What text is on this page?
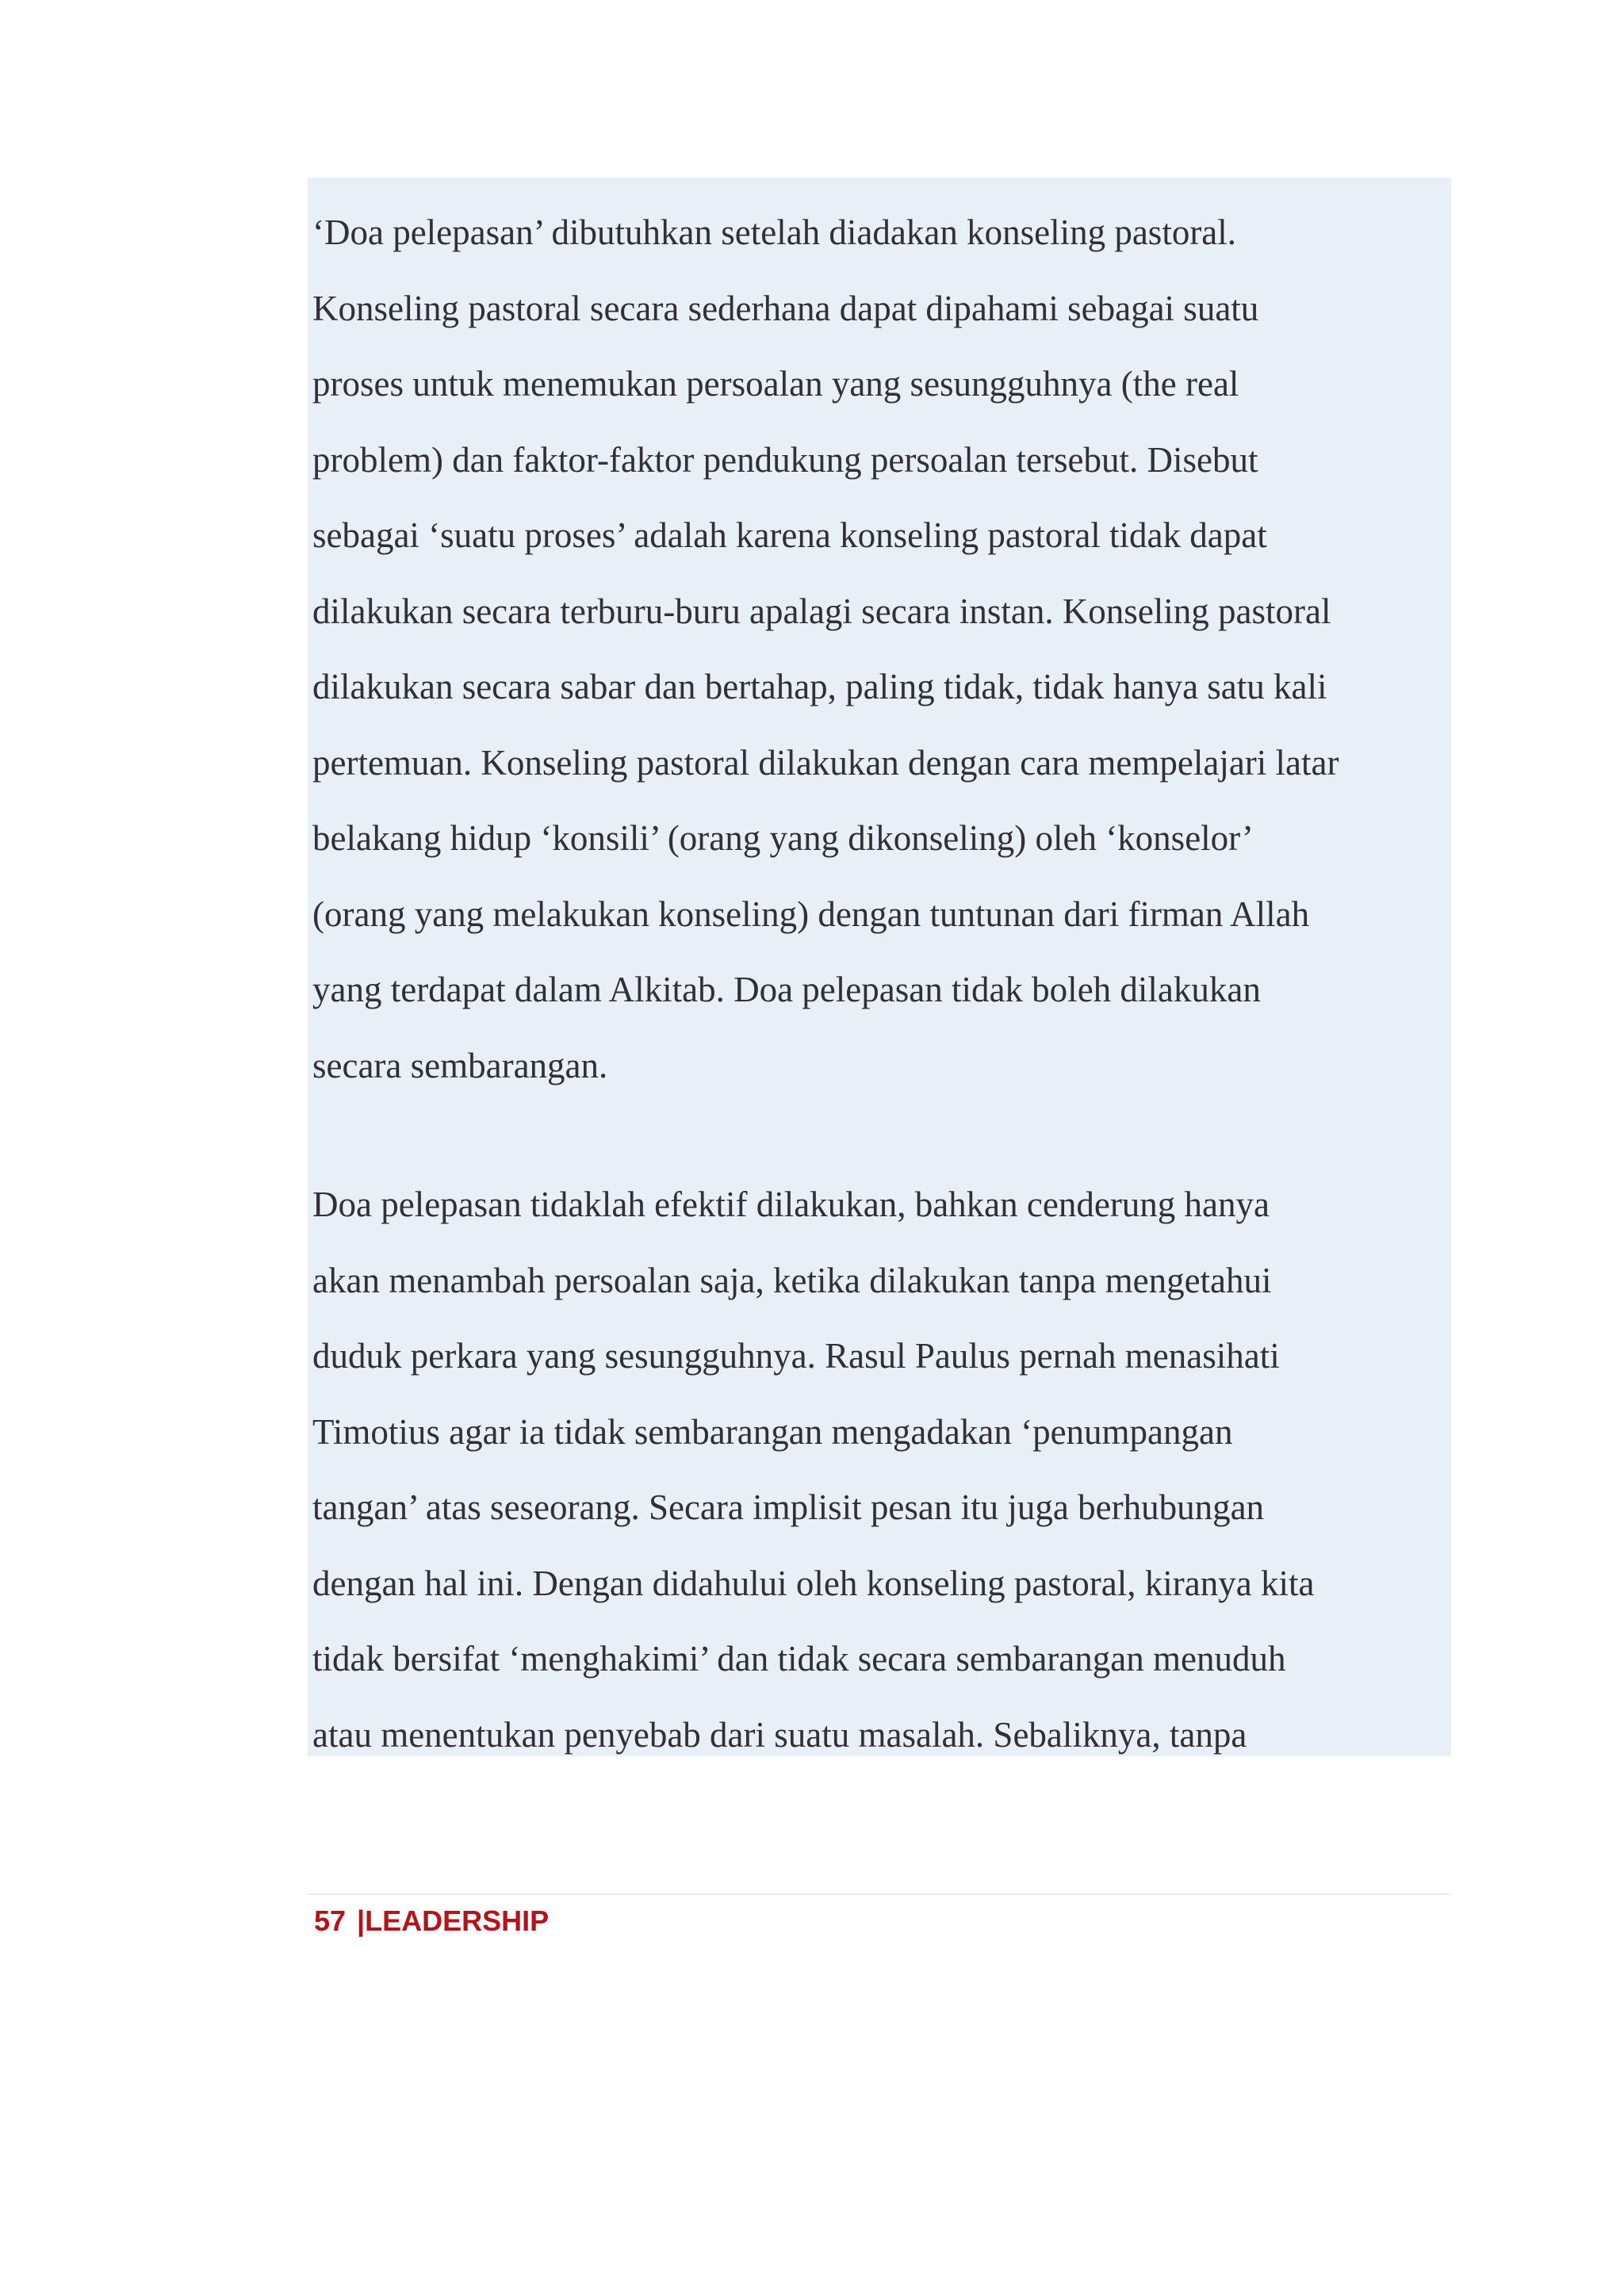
‘Doa pelepasan’ dibutuhkan setelah diadakan konseling pastoral.
Konseling pastoral secara sederhana dapat dipahami sebagai suatu
proses untuk menemukan persoalan yang sesungguhnya (the real
problem) dan faktor-faktor pendukung persoalan tersebut. Disebut
sebagai ‘suatu proses’ adalah karena konseling pastoral tidak dapat
dilakukan secara terburu-buru apalagi secara instan. Konseling pastoral
dilakukan secara sabar dan bertahap, paling tidak, tidak hanya satu kali
pertemuan. Konseling pastoral dilakukan dengan cara mempelajari latar
belakang hidup ‘konsili’ (orang yang dikonseling) oleh ‘konselor’
(orang yang melakukan konseling) dengan tuntunan dari firman Allah
yang terdapat dalam Alkitab. Doa pelepasan tidak boleh dilakukan
secara sembarangan.

Doa pelepasan tidaklah efektif dilakukan, bahkan cenderung hanya
akan menambah persoalan saja, ketika dilakukan tanpa mengetahui
duduk perkara yang sesungguhnya. Rasul Paulus pernah menasihati
Timotius agar ia tidak sembarangan mengadakan ‘penumpangan
tangan’ atas seseorang. Secara implisit pesan itu juga berhubungan
dengan hal ini. Dengan didahului oleh konseling pastoral, kiranya kita
tidak bersifat ‘menghakimi’ dan tidak secara sembarangan menuduh
atau menentukan penyebab dari suatu masalah. Sebaliknya, tanpa

57 |LEADERSHIP
